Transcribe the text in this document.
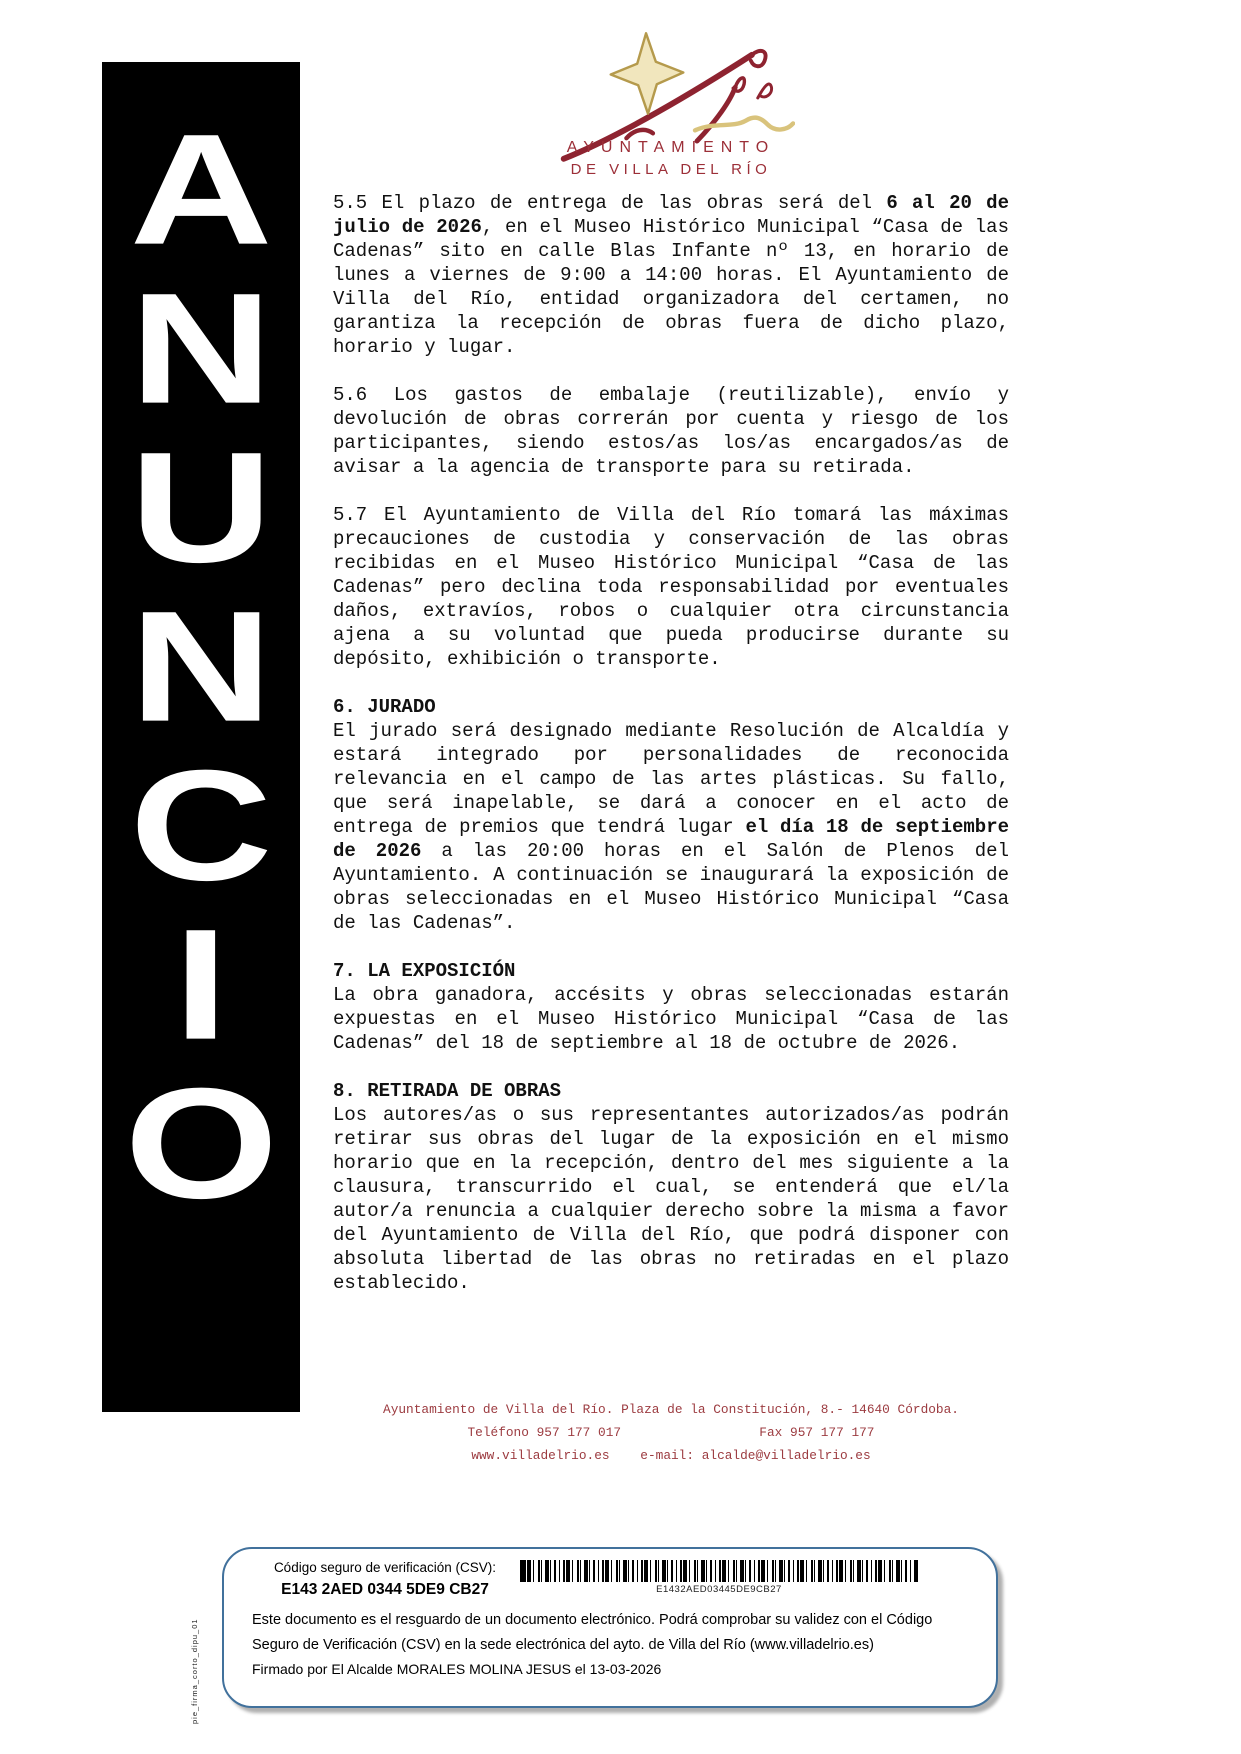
A
N
U
N
C
I
O
AYUNTAMIENTO
DE VILLA DEL RÍO
5.5 El plazo de entrega de las obras será del 6 al 20 de julio de 2026, en el Museo Histórico Municipal “Casa de las Cadenas” sito en calle Blas Infante nº 13, en horario de lunes a viernes de 9:00 a 14:00 horas. El Ayuntamiento de Villa del Río, entidad organizadora del certamen, no garantiza la recepción de obras fuera de dicho plazo, horario y lugar.
5.6 Los gastos de embalaje (reutilizable), envío y devolución de obras correrán por cuenta y riesgo de los participantes, siendo estos/as los/as encargados/as de avisar a la agencia de transporte para su retirada.
5.7 El Ayuntamiento de Villa del Río tomará las máximas precauciones de custodia y conservación de las obras recibidas en el Museo Histórico Municipal “Casa de las Cadenas” pero declina toda responsabilidad por eventuales daños, extravíos, robos o cualquier otra circunstancia ajena a su voluntad que pueda producirse durante su depósito, exhibición o transporte.
6. JURADO
El jurado será designado mediante Resolución de Alcaldía y estará integrado por personalidades de reconocida relevancia en el campo de las artes plásticas. Su fallo, que será inapelable, se dará a conocer en el acto de entrega de premios que tendrá lugar el día 18 de septiembre de 2026 a las 20:00 horas en el Salón de Plenos del Ayuntamiento. A continuación se inaugurará la exposición de obras seleccionadas en el Museo Histórico Municipal “Casa de las Cadenas”.
7. LA EXPOSICIÓN
La obra ganadora, accésits y obras seleccionadas estarán expuestas en el Museo Histórico Municipal “Casa de las Cadenas” del 18 de septiembre al 18 de octubre de 2026.
8. RETIRADA DE OBRAS
Los autores/as o sus representantes autorizados/as podrán retirar sus obras del lugar de la exposición en el mismo horario que en la recepción, dentro del mes siguiente a la clausura, transcurrido el cual, se entenderá que el/la autor/a renuncia a cualquier derecho sobre la misma a favor del Ayuntamiento de Villa del Río, que podrá disponer con absoluta libertad de las obras no retiradas en el plazo establecido.
Ayuntamiento de Villa del Río. Plaza de la Constitución, 8.- 14640 Córdoba.
Teléfono 957 177 017                  Fax 957 177 177
www.villadelrio.es    e-mail: alcalde@villadelrio.es
Código seguro de verificación (CSV):
E143 2AED 0344 5DE9 CB27	E1432AED03445DE9CB27
Este documento es el resguardo de un documento electrónico. Podrá comprobar su validez con el Código Seguro de Verificación (CSV) en la sede electrónica del ayto. de Villa del Río (www.villadelrio.es)
Firmado por El Alcalde MORALES MOLINA JESUS el 13-03-2026
pie_firma_corto_dipu_01
